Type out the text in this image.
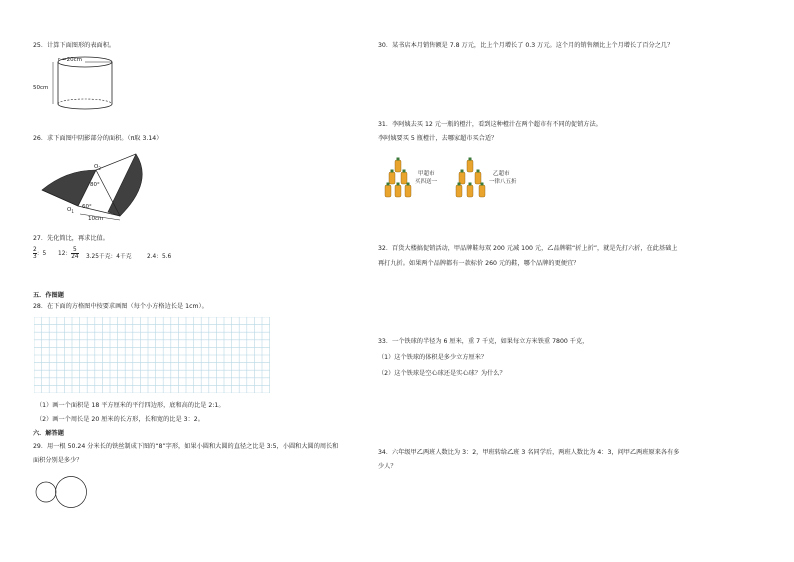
25．计算下面图形的表面积。
r =20cm
50cm
26．求下面图中阴影部分的面积。（π取 3.14）
$O_2$
$O_1$
80°
60°
10cm
27．先化简比，再求比值。
$\frac{2}{3}$ ：5 12： $\frac{5}{24} 3.25$千克：4千克	2.4：5.6
五．作图题
28．在下面的方格图中按要求画图（每个小方格边长是 1cm）。
（1）画一个面积是 18 平方厘米的平行四边形，底和高的比是 2:1。
（2）画一个周长是 20 厘米的长方形，长和宽的比是 3：2。
六．解答题
29．用一根 50.24 分米长的铁丝制成下图的“8”字形，如果小圆和大圆的直径之比是 3:5，小圆和大圆的周长和
面积分别是多少？
30．某书店本月销售额是 7.8 万元，比上个月增长了 0.3 万元。这个月的销售额比上个月增长了百分之几？
31．李阿姨去买 12 元一瓶的橙汁，看到这种橙汁在两个超市有不同的促销方法。
李阿姨要买 5 瓶橙汁，去哪家超市买合适？
甲超市
买四送一
乙超市
一律八五折
32．百货大楼搞促销活动，甲品牌鞋每双 200 元减 100 元，乙品牌鞋“折上折”，就是先打六折，在此基础上
再打九折。如果两个品牌都有一款标价 260 元的鞋，哪个品牌的更便宜？
33．一个铁球的半径为 6 厘米，重 7 千克，如果每立方米铁重 7800 千克，
（1）这个铁球的体积是多少立方厘米？
（2）这个铁球是空心球还是实心球？为什么？
34．六年级甲乙两班人数比为 3：2，甲班转给乙班 3 名同学后，两班人数比为 4：3，问甲乙两班原来各有多
少人？
